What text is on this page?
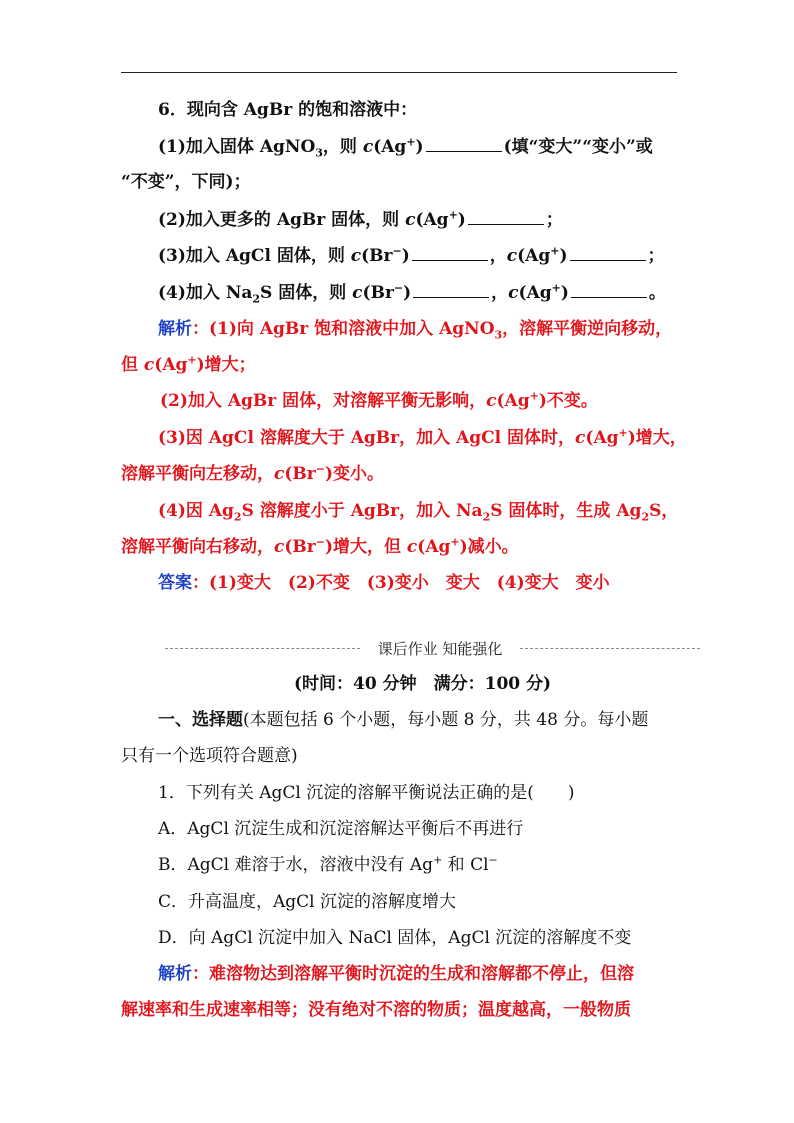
6．现向含 AgBr 的饱和溶液中：
(1)加入固体 AgNO$_3$，则 c(Ag+)	(填“变大”“变小”或
“不变”，下同)；
(2)加入更多的 AgBr 固体，则 c(Ag+)	；
(3)加入 AgCl 固体，则 c(Br−)	，c(Ag+)	；
(4)加入 $Na_2S$ 固体，则 c(Br−)	，c(Ag+)	。
解析：(1)向 AgBr 饱和溶液中加入 AgNO$_3$，溶解平衡逆向移动，
但 c(Ag+)增大；
(2)加入 AgBr 固体，对溶解平衡无影响，c(Ag+)不变。
(3)因 AgCl 溶解度大于 AgBr，加入 AgCl 固体时，c(Ag+)增大，
溶解平衡向左移动，c(Br−)变小。
(4)因 $Ag_2S$ 溶解度小于 AgBr，加入 $Na_2S$ 固体时，生成 $Ag_2S$，
溶解平衡向右移动，c(Br−)增大，但 c(Ag+)减小。
答案：(1)变大　(2)不变　(3)变小　变大　(4)变大　变小
课后作业 知能强化
(时间：40 分钟　满分：100 分)
一、选择题(本题包括 6 个小题，每小题 8 分，共 48 分。每小题
只有一个选项符合题意)
1．下列有关 AgCl 沉淀的溶解平衡说法正确的是(　　)
A．AgCl 沉淀生成和沉淀溶解达平衡后不再进行
B．AgCl 难溶于水，溶液中没有 Ag+ 和 Cl−
C．升高温度，AgCl 沉淀的溶解度增大
D．向 AgCl 沉淀中加入 NaCl 固体，AgCl 沉淀的溶解度不变
解析：难溶物达到溶解平衡时沉淀的生成和溶解都不停止，但溶
解速率和生成速率相等；没有绝对不溶的物质；温度越高，一般物质
